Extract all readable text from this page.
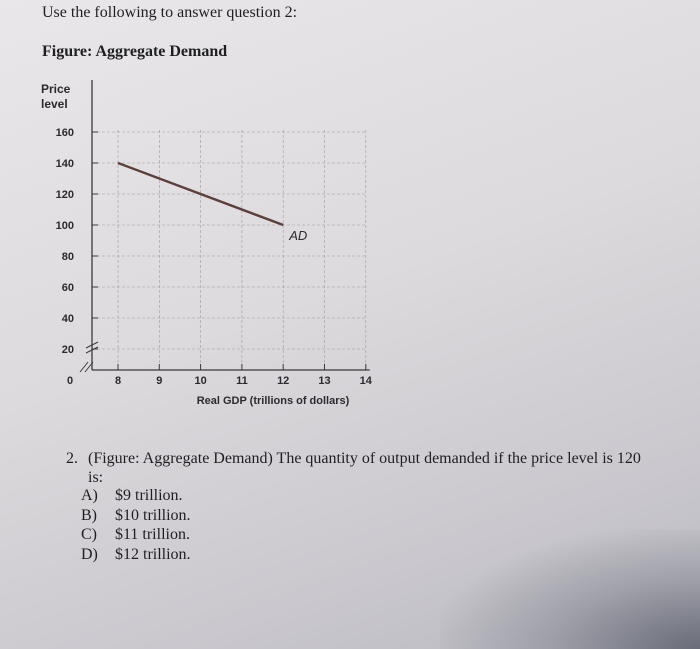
Use the following to answer question 2:
Figure: Aggregate Demand
20
40
60
80
100
120
140
160
8	9	10	11	12	13	14
AD
Price
level
Real GDP (trillions of dollars)
0
2. (Figure: Aggregate Demand) The quantity of output demanded if the price level is 120
is:
A)	$9 trillion.
B)	$10 trillion.
C)	$11 trillion.
D)	$12 trillion.
